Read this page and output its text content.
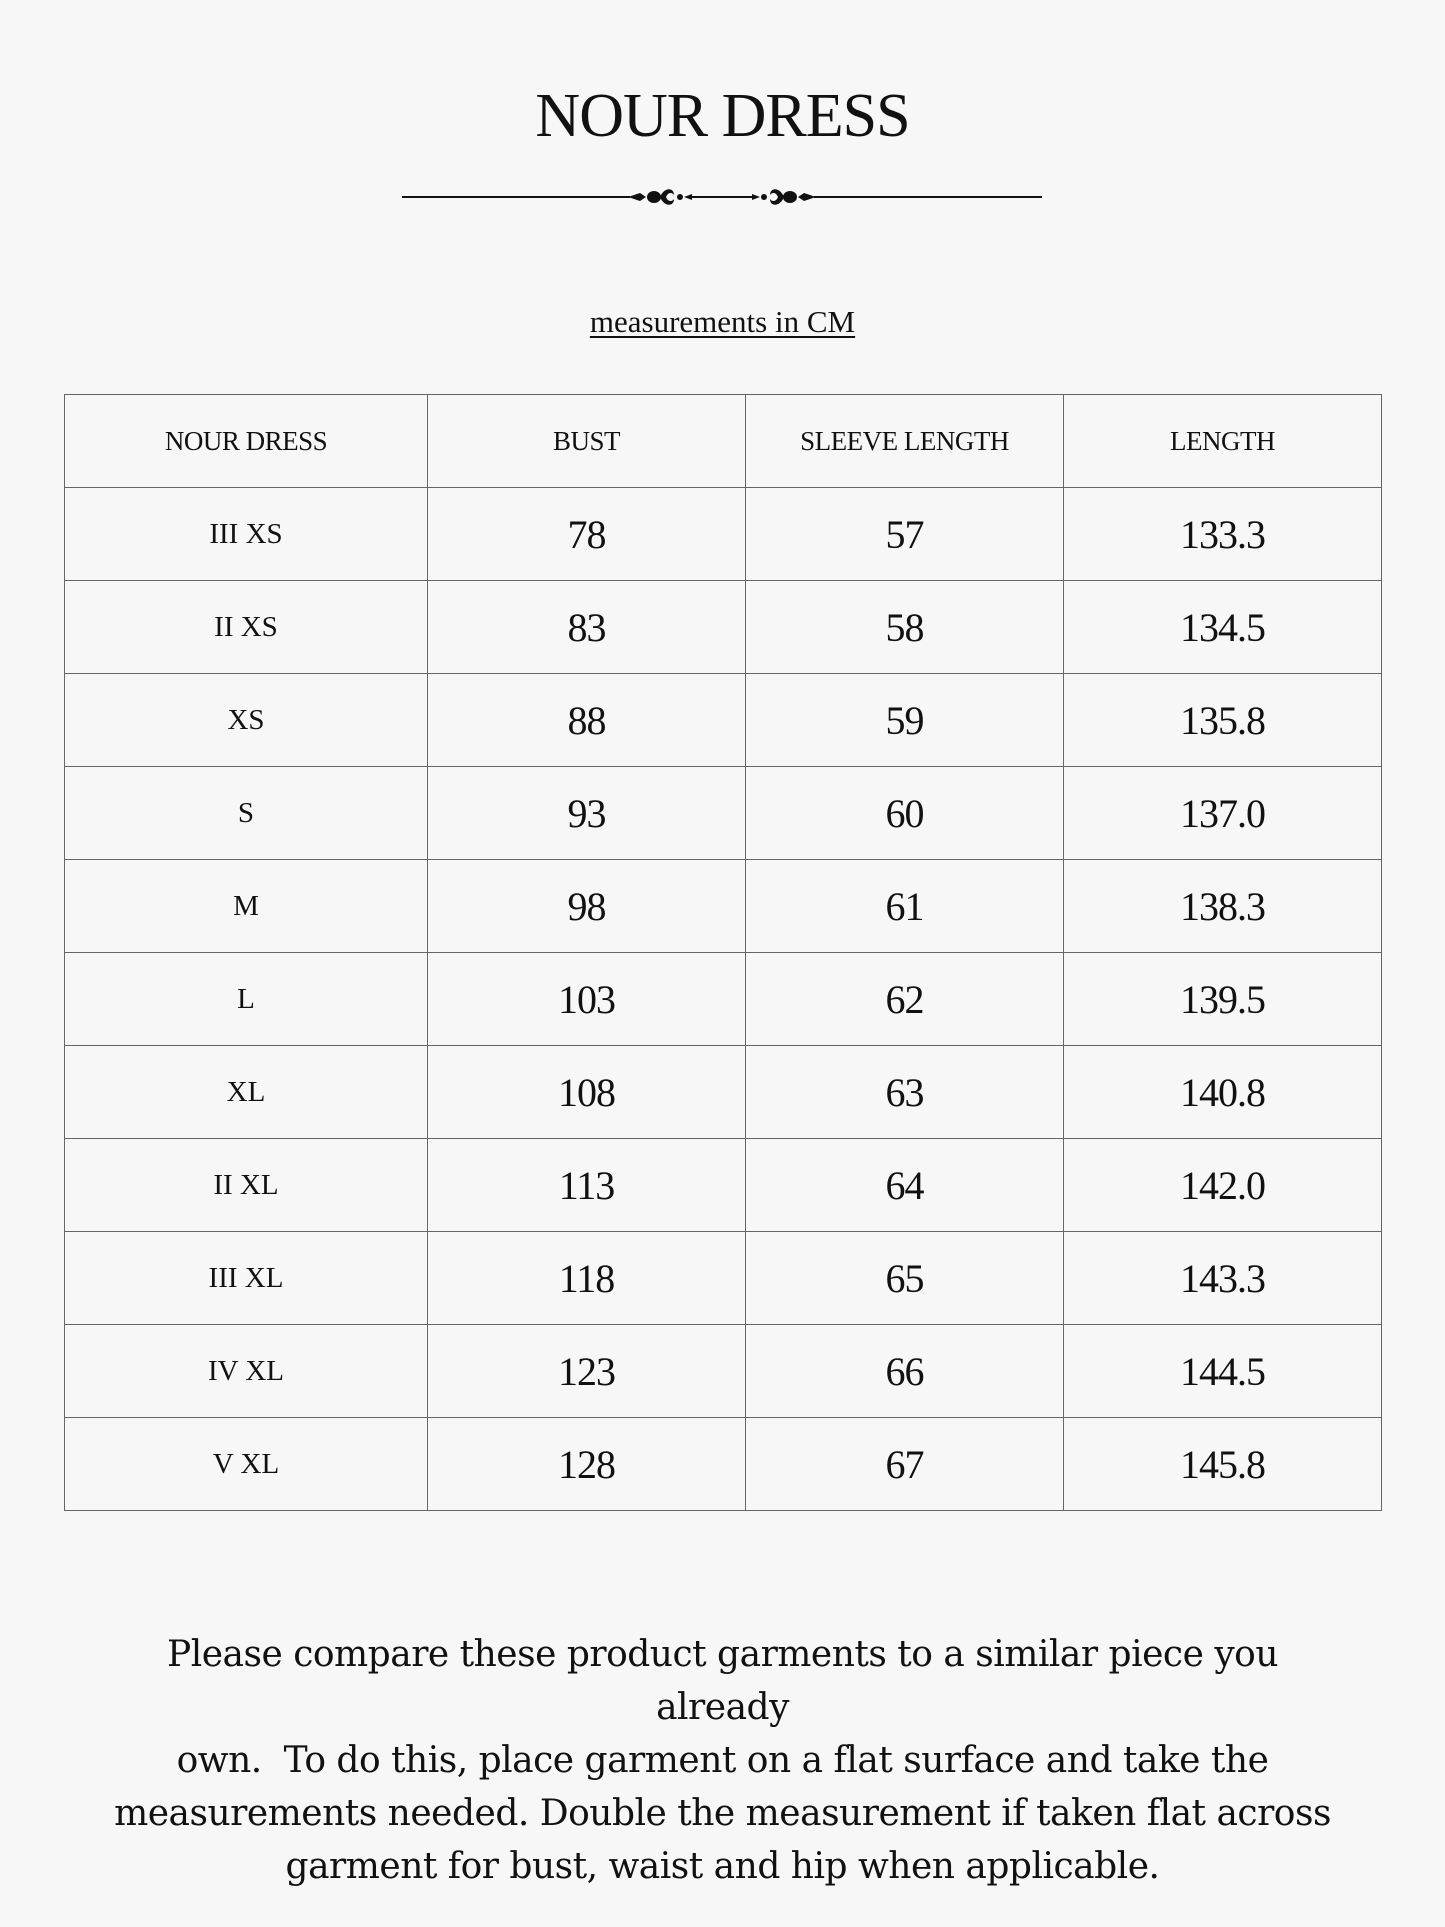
NOUR DRESS
measurements in CM
NOUR DRESS	BUST	SLEEVE LENGTH	LENGTH
III XS	78	57	133.3
II XS	83	58	134.5
XS	88	59	135.8
S	93	60	137.0
M	98	61	138.3
L	103	62	139.5
XL	108	63	140.8
II XL	113	64	142.0
III XL	118	65	143.3
IV XL	123	66	144.5
V XL	128	67	145.8

Please compare these product garments to a similar piece you already
own.  To do this, place garment on a flat surface and take the
measurements needed. Double the measurement if taken flat across
garment for bust, waist and hip when applicable.
